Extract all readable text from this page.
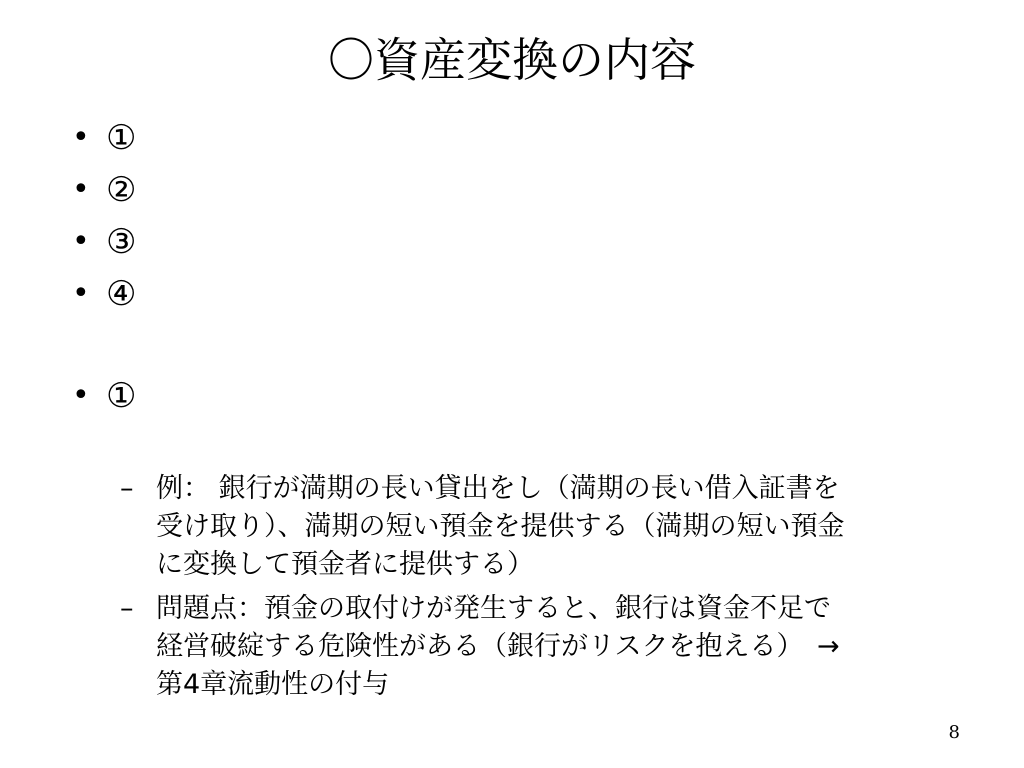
〇資産変換の内容
• ①
• ②
• ③
• ④
• ①
– 例： 銀行が満期の長い貸出をし（満期の長い借入証書を
受け取り）、満期の短い預金を提供する（満期の短い預金
に変換して預金者に提供する）
– 問題点：預金の取付けが発生すると、銀行は資金不足で
経営破綻する危険性がある（銀行がリスクを抱える）　→
第4章流動性の付与
8
